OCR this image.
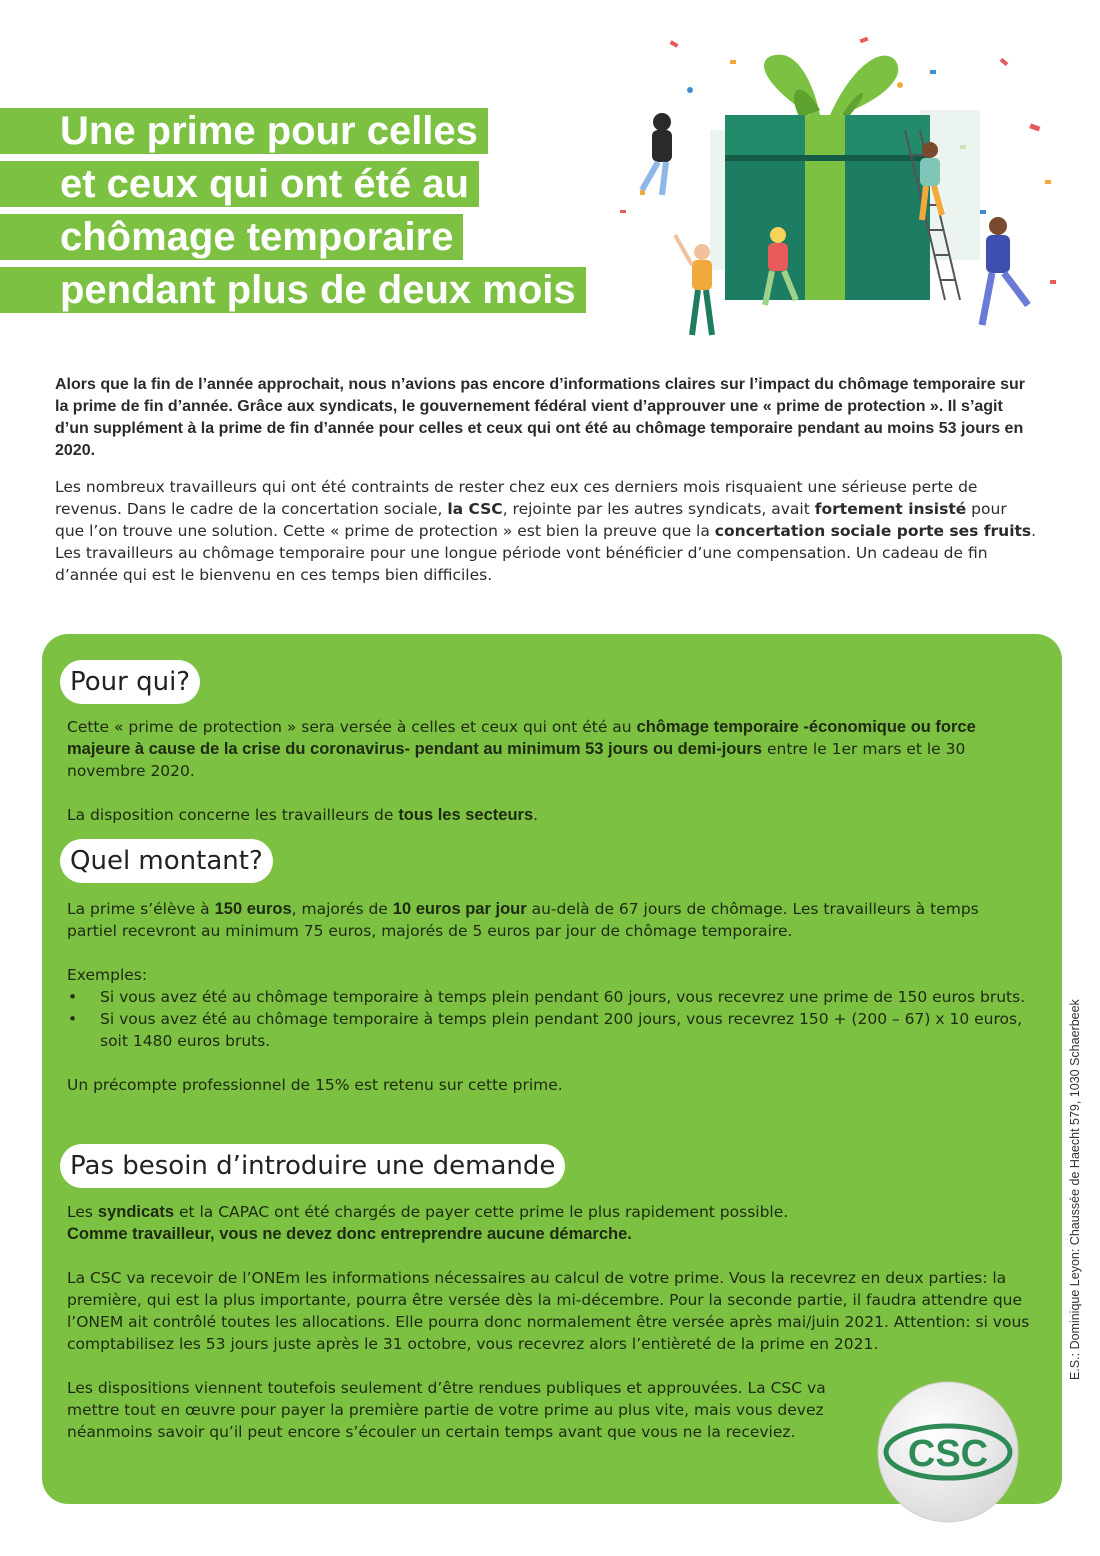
Une prime pour celles
et ceux qui ont été au
chômage temporaire
pendant plus de deux mois

Alors que la fin de l’année approchait, nous n’avions pas encore d’informations claires sur l’impact du chômage temporaire sur la prime de fin d’année. Grâce aux syndicats, le gouvernement fédéral vient d’approuver une « prime de protection ». Il s’agit d’un supplément à la prime de fin d’année pour celles et ceux qui ont été au chômage temporaire pendant au moins 53 jours en 2020.

Les nombreux travailleurs qui ont été contraints de rester chez eux ces derniers mois risquaient une sérieuse perte de revenus. Dans le cadre de la concertation sociale, la CSC, rejointe par les autres syndicats, avait fortement insisté pour que l’on trouve une solution. Cette « prime de protection » est bien la preuve que la concertation sociale porte ses fruits. Les travailleurs au chômage temporaire pour une longue période vont bénéficier d’une compensation. Un cadeau de fin d’année qui est le bienvenu en ces temps bien difficiles.

Pour qui?

Cette « prime de protection » sera versée à celles et ceux qui ont été au chômage temporaire -économique ou force majeure à cause de la crise du coronavirus- pendant au minimum 53 jours ou demi-jours entre le 1er mars et le 30 novembre 2020.

La disposition concerne les travailleurs de tous les secteurs.

Quel montant?

La prime s’élève à 150 euros, majorés de 10 euros par jour au-delà de 67 jours de chômage. Les travailleurs à temps partiel recevront au minimum 75 euros, majorés de 5 euros par jour de chômage temporaire.

Exemples:
• Si vous avez été au chômage temporaire à temps plein pendant 60 jours, vous recevrez une prime de 150 euros bruts.
• Si vous avez été au chômage temporaire à temps plein pendant 200 jours, vous recevrez 150 + (200 – 67) x 10 euros, soit 1480 euros bruts.

Un précompte professionnel de 15% est retenu sur cette prime.

Pas besoin d’introduire une demande

Les syndicats et la CAPAC ont été chargés de payer cette prime le plus rapidement possible.
Comme travailleur, vous ne devez donc entreprendre aucune démarche.

La CSC va recevoir de l’ONEm les informations nécessaires au calcul de votre prime. Vous la recevrez en deux parties: la première, qui est la plus importante, pourra être versée dès la mi-décembre. Pour la seconde partie, il faudra attendre que l’ONEM ait contrôlé toutes les allocations. Elle pourra donc normalement être versée après mai/juin 2021. Attention: si vous comptabilisez les 53 jours juste après le 31 octobre, vous recevrez alors l’entièreté de la prime en 2021.

Les dispositions viennent toutefois seulement d’être rendues publiques et approuvées. La CSC va mettre tout en œuvre pour payer la première partie de votre prime au plus vite, mais vous devez néanmoins savoir qu’il peut encore s’écouler un certain temps avant que vous ne la receviez.

CSC
E.S.: Dominique Leyon: Chaussée de Haecht 579, 1030 Schaerbeek
